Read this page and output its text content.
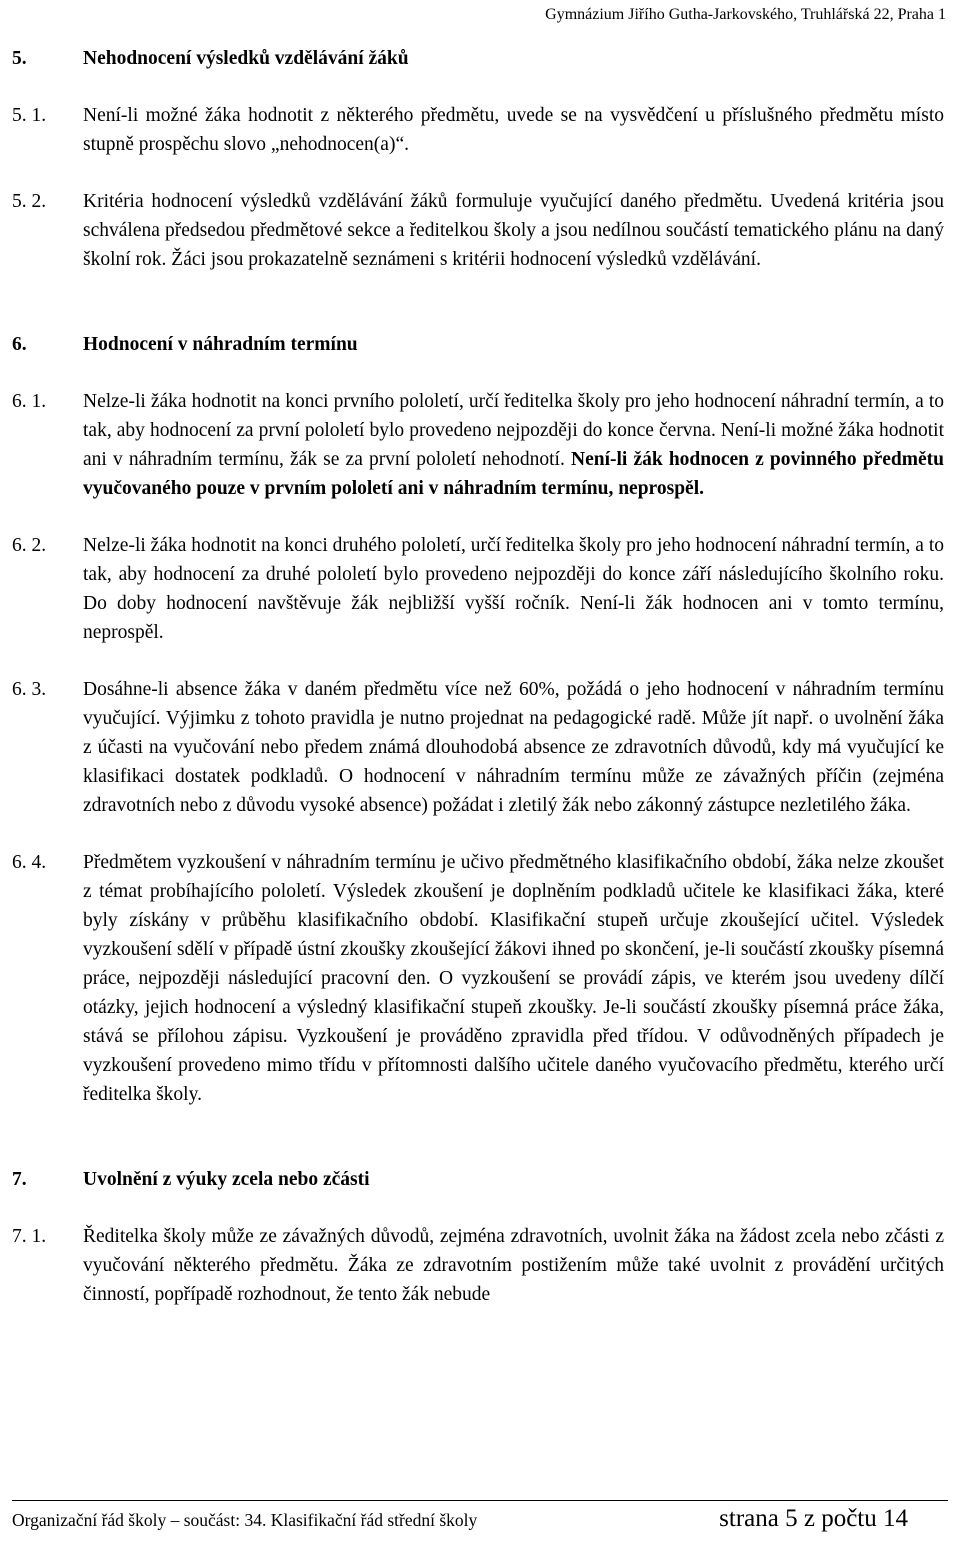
Gymnázium Jiřího Gutha-Jarkovského, Truhlářská 22, Praha 1
5.	Nehodnocení výsledků vzdělávání žáků
5. 1.	Není-li možné žáka hodnotit z některého předmětu, uvede se na vysvědčení u příslušného předmětu místo stupně prospěchu slovo „nehodnocen(a)“.
5. 2.	Kritéria hodnocení výsledků vzdělávání žáků formuluje vyučující daného předmětu. Uvedená kritéria jsou schválena předsedou předmětové sekce a ředitelkou školy a jsou nedílnou součástí tematického plánu na daný školní rok. Žáci jsou prokazatelně seznámeni s kritérii hodnocení výsledků vzdělávání.
6.	Hodnocení v náhradním termínu
6. 1.	Nelze-li žáka hodnotit na konci prvního pololetí, určí ředitelka školy pro jeho hodnocení náhradní termín, a to tak, aby hodnocení za první pololetí bylo provedeno nejpozději do konce června. Není-li možné žáka hodnotit ani v náhradním termínu, žák se za první pololetí nehodnotí. Není-li žák hodnocen z povinného předmětu vyučovaného pouze v prvním pololetí ani v náhradním termínu, neprospěl.
6. 2.	Nelze-li žáka hodnotit na konci druhého pololetí, určí ředitelka školy pro jeho hodnocení náhradní termín, a to tak, aby hodnocení za druhé pololetí bylo provedeno nejpozději do konce září následujícího školního roku. Do doby hodnocení navštěvuje žák nejbližší vyšší ročník. Není-li žák hodnocen ani v tomto termínu, neprospěl.
6. 3.	Dosáhne-li absence žáka v daném předmětu více než 60%, požádá o jeho hodnocení v náhradním termínu vyučující. Výjimku z tohoto pravidla je nutno projednat na pedagogické radě. Může jít např. o uvolnění žáka z účasti na vyučování nebo předem známá dlouhodobá absence ze zdravotních důvodů, kdy má vyučující ke klasifikaci dostatek podkladů. O hodnocení v náhradním termínu může ze závažných příčin (zejména zdravotních nebo z důvodu vysoké absence) požádat i zletilý žák nebo zákonný zástupce nezletilého žáka.
6. 4.	Předmětem vyzkoušení v náhradním termínu je učivo předmětného klasifikačního období, žáka nelze zkoušet z témat probíhajícího pololetí. Výsledek zkoušení je doplněním podkladů učitele ke klasifikaci žáka, které byly získány v průběhu klasifikačního období. Klasifikační stupeň určuje zkoušející učitel. Výsledek vyzkoušení sdělí v případě ústní zkoušky zkoušející žákovi ihned po skončení, je-li součástí zkoušky písemná práce, nejpozději následující pracovní den. O vyzkoušení se provádí zápis, ve kterém jsou uvedeny dílčí otázky, jejich hodnocení a výsledný klasifikační stupeň zkoušky. Je-li součástí zkoušky písemná práce žáka, stává se přílohou zápisu. Vyzkoušení je prováděno zpravidla před třídou. V odůvodněných případech je vyzkoušení provedeno mimo třídu v přítomnosti dalšího učitele daného vyučovacího předmětu, kterého určí ředitelka školy.
7.	Uvolnění z výuky zcela nebo zčásti
7. 1.	Ředitelka školy může ze závažných důvodů, zejména zdravotních, uvolnit žáka na žádost zcela nebo zčásti z vyučování některého předmětu. Žáka ze zdravotním postižením může také uvolnit z provádění určitých činností, popřípadě rozhodnout, že tento žák nebude
Organizační řád školy – součást: 34. Klasifikační řád střední školy	strana 5 z počtu 14
